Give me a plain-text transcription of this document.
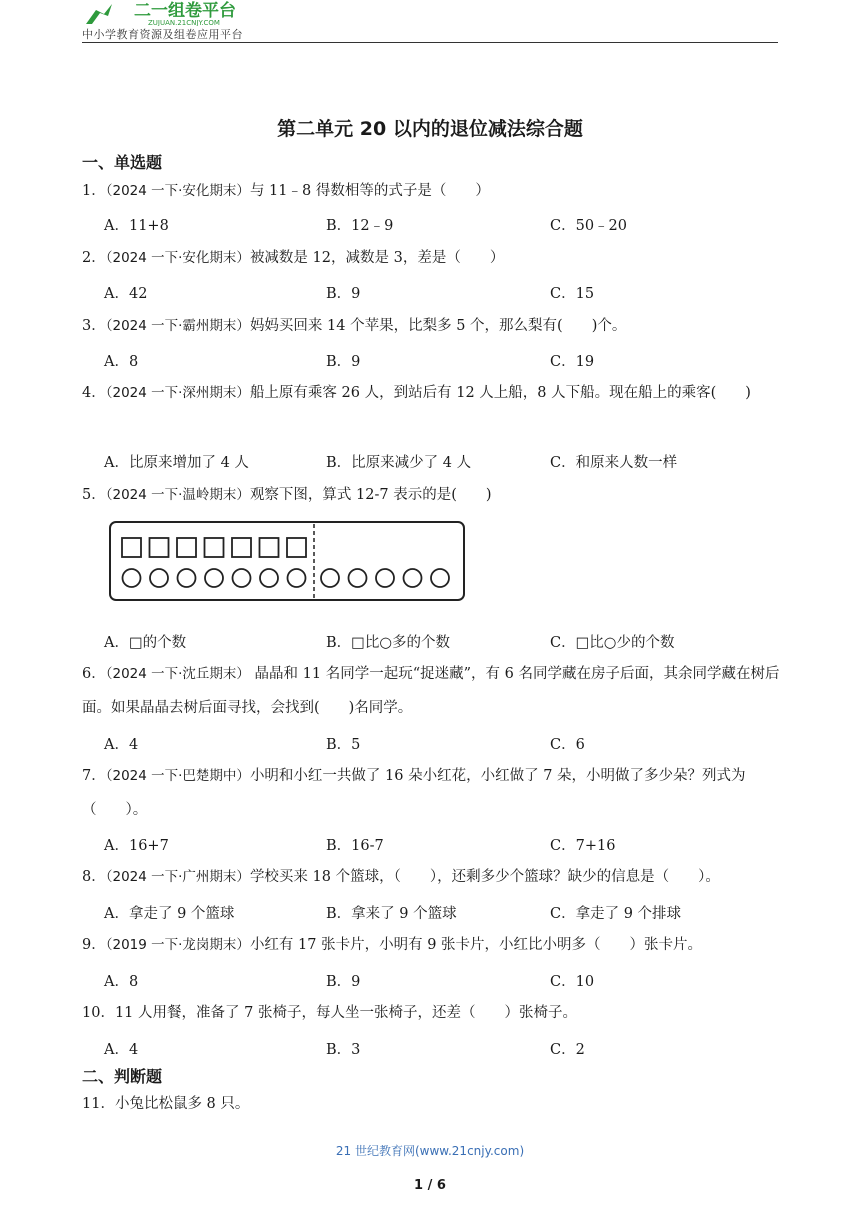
二一组卷平台
ZUJUAN.21CNJY.COM
中小学教育资源及组卷应用平台
第二单元 20 以内的退位减法综合题
一、单选题
1．（2024 一下·安化期末）与 11﹣8 得数相等的式子是（　　）
A．11+8	B．12﹣9	C．50﹣20
2．（2024 一下·安化期末）被减数是 12，减数是 3，差是（　　）
A．42	B．9	C．15
3．（2024 一下·霸州期末）妈妈买回来 14 个苹果，比梨多 5 个，那么梨有(　　)个。
A．8	B．9	C．19
4．（2024 一下·深州期末）船上原有乘客 26 人，到站后有 12 人上船，8 人下船。现在船上的乘客(　　)
A．比原来增加了 4 人	B．比原来减少了 4 人	C．和原来人数一样
5．（2024 一下·温岭期末）观察下图，算式 12-7 表示的是(　　)
A．□的个数	B．□比○多的个数	C．□比○少的个数
6．（2024 一下·沈丘期末） 晶晶和 11 名同学一起玩“捉迷藏”，有 6 名同学藏在房子后面，其余同学藏在树后面。如果晶晶去树后面寻找，会找到(　　)名同学。
A．4	B．5	C．6
7．（2024 一下·巴楚期中）小明和小红一共做了 16 朵小红花，小红做了 7 朵，小明做了多少朵？列式为（　　）。
A．16+7	B．16-7	C．7+16
8．（2024 一下·广州期末）学校买来 18 个篮球，（　　），还剩多少个篮球？缺少的信息是（　　）。
A．拿走了 9 个篮球	B．拿来了 9 个篮球	C．拿走了 9 个排球
9．（2019 一下·龙岗期末）小红有 17 张卡片，小明有 9 张卡片，小红比小明多（　　）张卡片。
A．8	B．9	C．10
10．11 人用餐，准备了 7 张椅子，每人坐一张椅子，还差（　　）张椅子。
A．4	B．3	C．2
二、判断题
11．小兔比松鼠多 8 只。
21 世纪教育网(www.21cnjy.com)
1 / 6
